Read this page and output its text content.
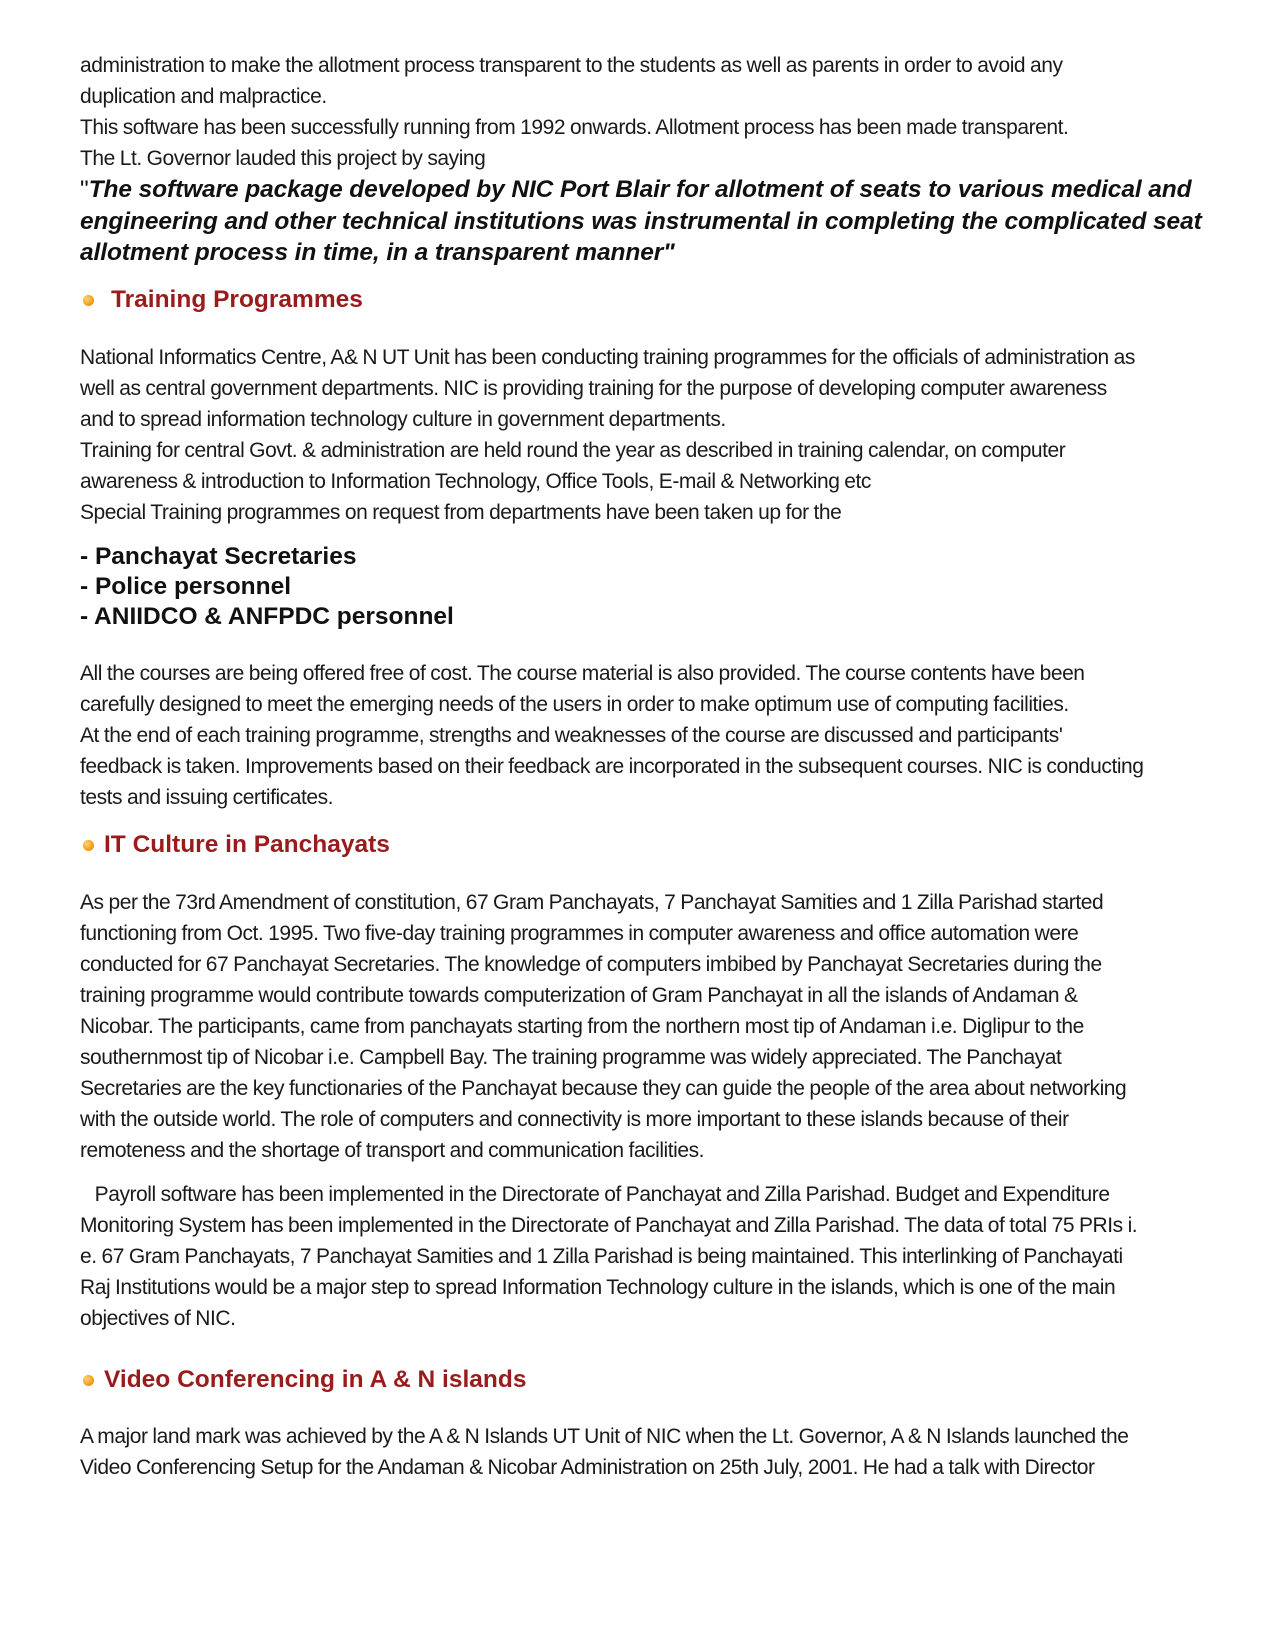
administration to make the allotment process transparent to the students as well as parents in order to avoid any
duplication and malpractice.
This software has been successfully running from 1992 onwards. Allotment process has been made transparent.
The Lt. Governor lauded this project by saying

"The software package developed by NIC Port Blair for allotment of seats to various medical and engineering and other technical institutions was instrumental in completing the complicated seat allotment process in time, in a transparent manner"

Training Programmes

National Informatics Centre, A& N UT Unit has been conducting training programmes for the officials of administration as
well as central government departments. NIC is providing training for the purpose of developing computer awareness
and to spread information technology culture in government departments.
Training for central Govt. & administration are held round the year as described in training calendar, on computer
awareness & introduction to Information Technology, Office Tools, E-mail & Networking etc
Special Training programmes on request from departments have been taken up for the

- Panchayat Secretaries
- Police personnel
- ANIIDCO & ANFPDC personnel

All the courses are being offered free of cost. The course material is also provided. The course contents have been
carefully designed to meet the emerging needs of the users in order to make optimum use of computing facilities.
At the end of each training programme, strengths and weaknesses of the course are discussed and participants'
feedback is taken. Improvements based on their feedback are incorporated in the subsequent courses. NIC is conducting
tests and issuing certificates.

IT Culture in Panchayats

As per the 73rd Amendment of constitution, 67 Gram Panchayats, 7 Panchayat Samities and 1 Zilla Parishad started
functioning from Oct. 1995. Two five-day training programmes in computer awareness and office automation were
conducted for 67 Panchayat Secretaries. The knowledge of computers imbibed by Panchayat Secretaries during the
training programme would contribute towards computerization of Gram Panchayat in all the islands of Andaman &
Nicobar. The participants, came from panchayats starting from the northern most tip of Andaman i.e. Diglipur to the
southernmost tip of Nicobar i.e. Campbell Bay. The training programme was widely appreciated. The Panchayat
Secretaries are the key functionaries of the Panchayat because they can guide the people of the area about networking
with the outside world. The role of computers and connectivity is more important to these islands because of their
remoteness and the shortage of transport and communication facilities.

Payroll software has been implemented in the Directorate of Panchayat and Zilla Parishad. Budget and Expenditure
Monitoring System has been implemented in the Directorate of Panchayat and Zilla Parishad. The data of total 75 PRIs i.
e. 67 Gram Panchayats, 7 Panchayat Samities and 1 Zilla Parishad is being maintained. This interlinking of Panchayati
Raj Institutions would be a major step to spread Information Technology culture in the islands, which is one of the main
objectives of NIC.

Video Conferencing in A & N islands

A major land mark was achieved by the A & N Islands UT Unit of NIC when the Lt. Governor, A & N Islands launched the
Video Conferencing Setup for the Andaman & Nicobar Administration on 25th July, 2001. He had a talk with Director
